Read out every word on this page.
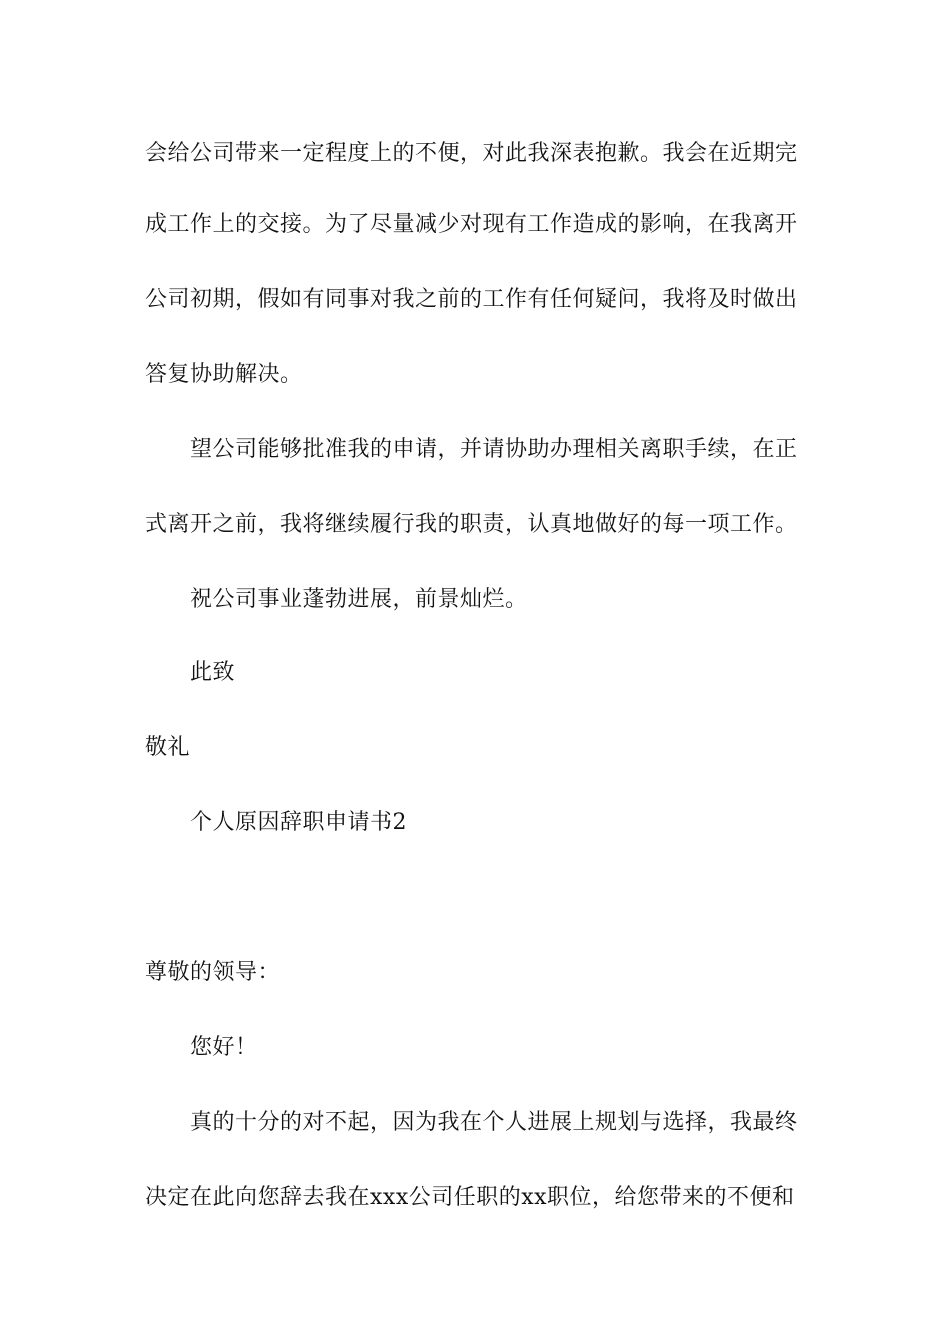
会给公司带来一定程度上的不便，对此我深表抱歉。我会在近期完
成工作上的交接。为了尽量减少对现有工作造成的影响，在我离开
公司初期，假如有同事对我之前的工作有任何疑问，我将及时做出
答复协助解决。
望公司能够批准我的申请，并请协助办理相关离职手续，在正
式离开之前，我将继续履行我的职责，认真地做好的每一项工作。
祝公司事业蓬勃进展，前景灿烂。
此致
敬礼
个人原因辞职申请书2
尊敬的领导：
您好！
真的十分的对不起，因为我在个人进展上规划与选择，我最终
决定在此向您辞去我在xxx公司任职的xx职位，给您带来的不便和
